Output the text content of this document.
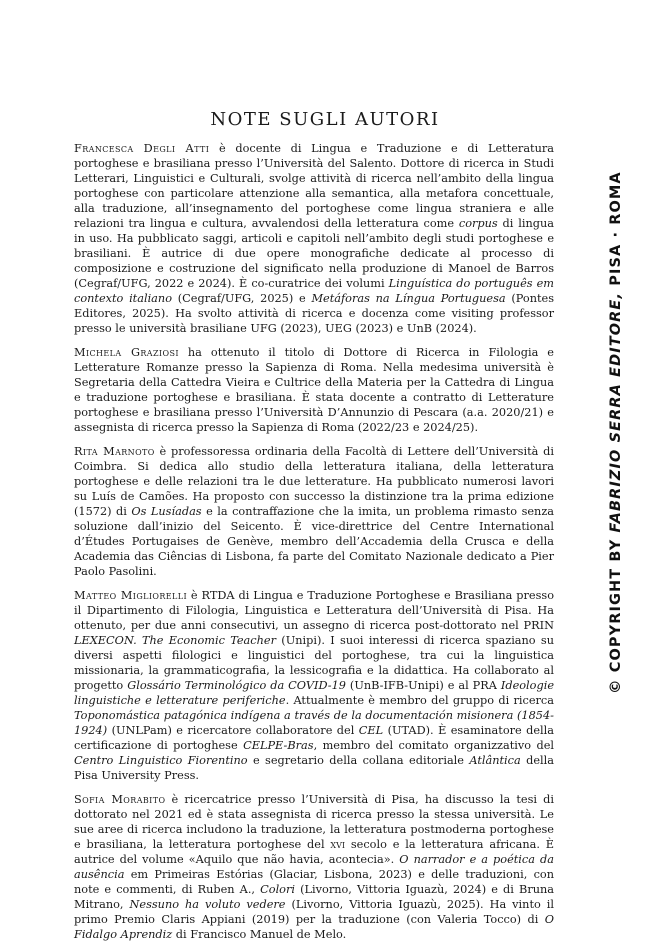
NOTE SUGLI AUTORI

Francesca Degli Atti è docente di Lingua e Traduzione e di Letteratura portoghese e brasiliana presso l’Università del Salento. Dottore di ricerca in Studi Letterari, Linguistici e Culturali, svolge attività di ricerca nell’ambito della lingua portoghese con particolare attenzione alla semantica, alla metafora concettuale, alla traduzione, all’insegnamento del portoghese come lingua straniera e alle relazioni tra lingua e cultura, avvalendosi della letteratura come corpus di lingua in uso. Ha pubblicato saggi, articoli e capitoli nell’ambito degli studi portoghese e brasiliani. È autrice di due opere monografiche dedicate al processo di composizione e costruzione del significato nella produzione di Manoel de Barros (Cegraf/UFG, 2022 e 2024). È co-curatrice dei volumi Linguística do português em contexto italiano (Cegraf/UFG, 2025) e Metáforas na Língua Portuguesa (Pontes Editores, 2025). Ha svolto attività di ricerca e docenza come visiting professor presso le università brasiliane UFG (2023), UEG (2023) e UnB (2024).

Michela Graziosi ha ottenuto il titolo di Dottore di Ricerca in Filologia e Letterature Romanze presso la Sapienza di Roma. Nella medesima università è Segretaria della Cattedra Vieira e Cultrice della Materia per la Cattedra di Lingua e traduzione portoghese e brasiliana. È stata docente a contratto di Letterature portoghese e brasiliana presso l’Università D’Annunzio di Pescara (a.a. 2020/21) e assegnista di ricerca presso la Sapienza di Roma (2022/23 e 2024/25).

Rita Marnoto è professoressa ordinaria della Facoltà di Lettere dell’Università di Coimbra. Si dedica allo studio della letteratura italiana, della letteratura portoghese e delle relazioni tra le due letterature. Ha pubblicato numerosi lavori su Luís de Camões. Ha proposto con successo la distinzione tra la prima edizione (1572) di Os Lusíadas e la contraffazione che la imita, un problema rimasto senza soluzione dall’inizio del Seicento. È vice-direttrice del Centre International d’Études Portugaises de Genève, membro dell’Accademia della Crusca e della Academia das Ciências di Lisbona, fa parte del Comitato Nazionale dedicato a Pier Paolo Pasolini.

Matteo Migliorelli è RTDA di Lingua e Traduzione Portoghese e Brasiliana presso il Dipartimento di Filologia, Linguistica e Letteratura dell’Università di Pisa. Ha ottenuto, per due anni consecutivi, un assegno di ricerca post-dottorato nel PRIN LEXECON. The Economic Teacher (Unipi). I suoi interessi di ricerca spaziano su diversi aspetti filologici e linguistici del portoghese, tra cui la linguistica missionaria, la grammaticografia, la lessicografia e la didattica. Ha collaborato al progetto Glossário Terminológico da COVID-19 (UnB-IFB-Unipi) e al PRA Ideologie linguistiche e letterature periferiche. Attualmente è membro del gruppo di ricerca Toponomástica patagónica indígena a través de la documentación misionera (1854-1924) (UNLPam) e ricercatore collaboratore del CEL (UTAD). È esaminatore della certificazione di portoghese CELPE-Bras, membro del comitato organizzativo del Centro Linguistico Fiorentino e segretario della collana editoriale Atlântica della Pisa University Press.

Sofia Morabito è ricercatrice presso l’Università di Pisa, ha discusso la tesi di dottorato nel 2021 ed è stata assegnista di ricerca presso la stessa università. Le sue aree di ricerca includono la traduzione, la letteratura postmoderna portoghese e brasiliana, la letteratura portoghese del xvi secolo e la letteratura africana. È autrice del volume «Aquilo que não havia, acontecia». O narrador e a poética da ausência em Primeiras Estórias (Glaciar, Lisbona, 2023) e delle traduzioni, con note e commenti, di Ruben A., Colori (Livorno, Vittoria Iguazù, 2024) e di Bruna Mitrano, Nessuno ha voluto vedere (Livorno, Vittoria Iguazù, 2025). Ha vinto il primo Premio Claris Appiani (2019) per la traduzione (con Valeria Tocco) di O Fidalgo Aprendiz di Francisco Manuel de Melo.

© COPYRIGHT BY FABRIZIO SERRA EDITORE, PISA · ROMA
